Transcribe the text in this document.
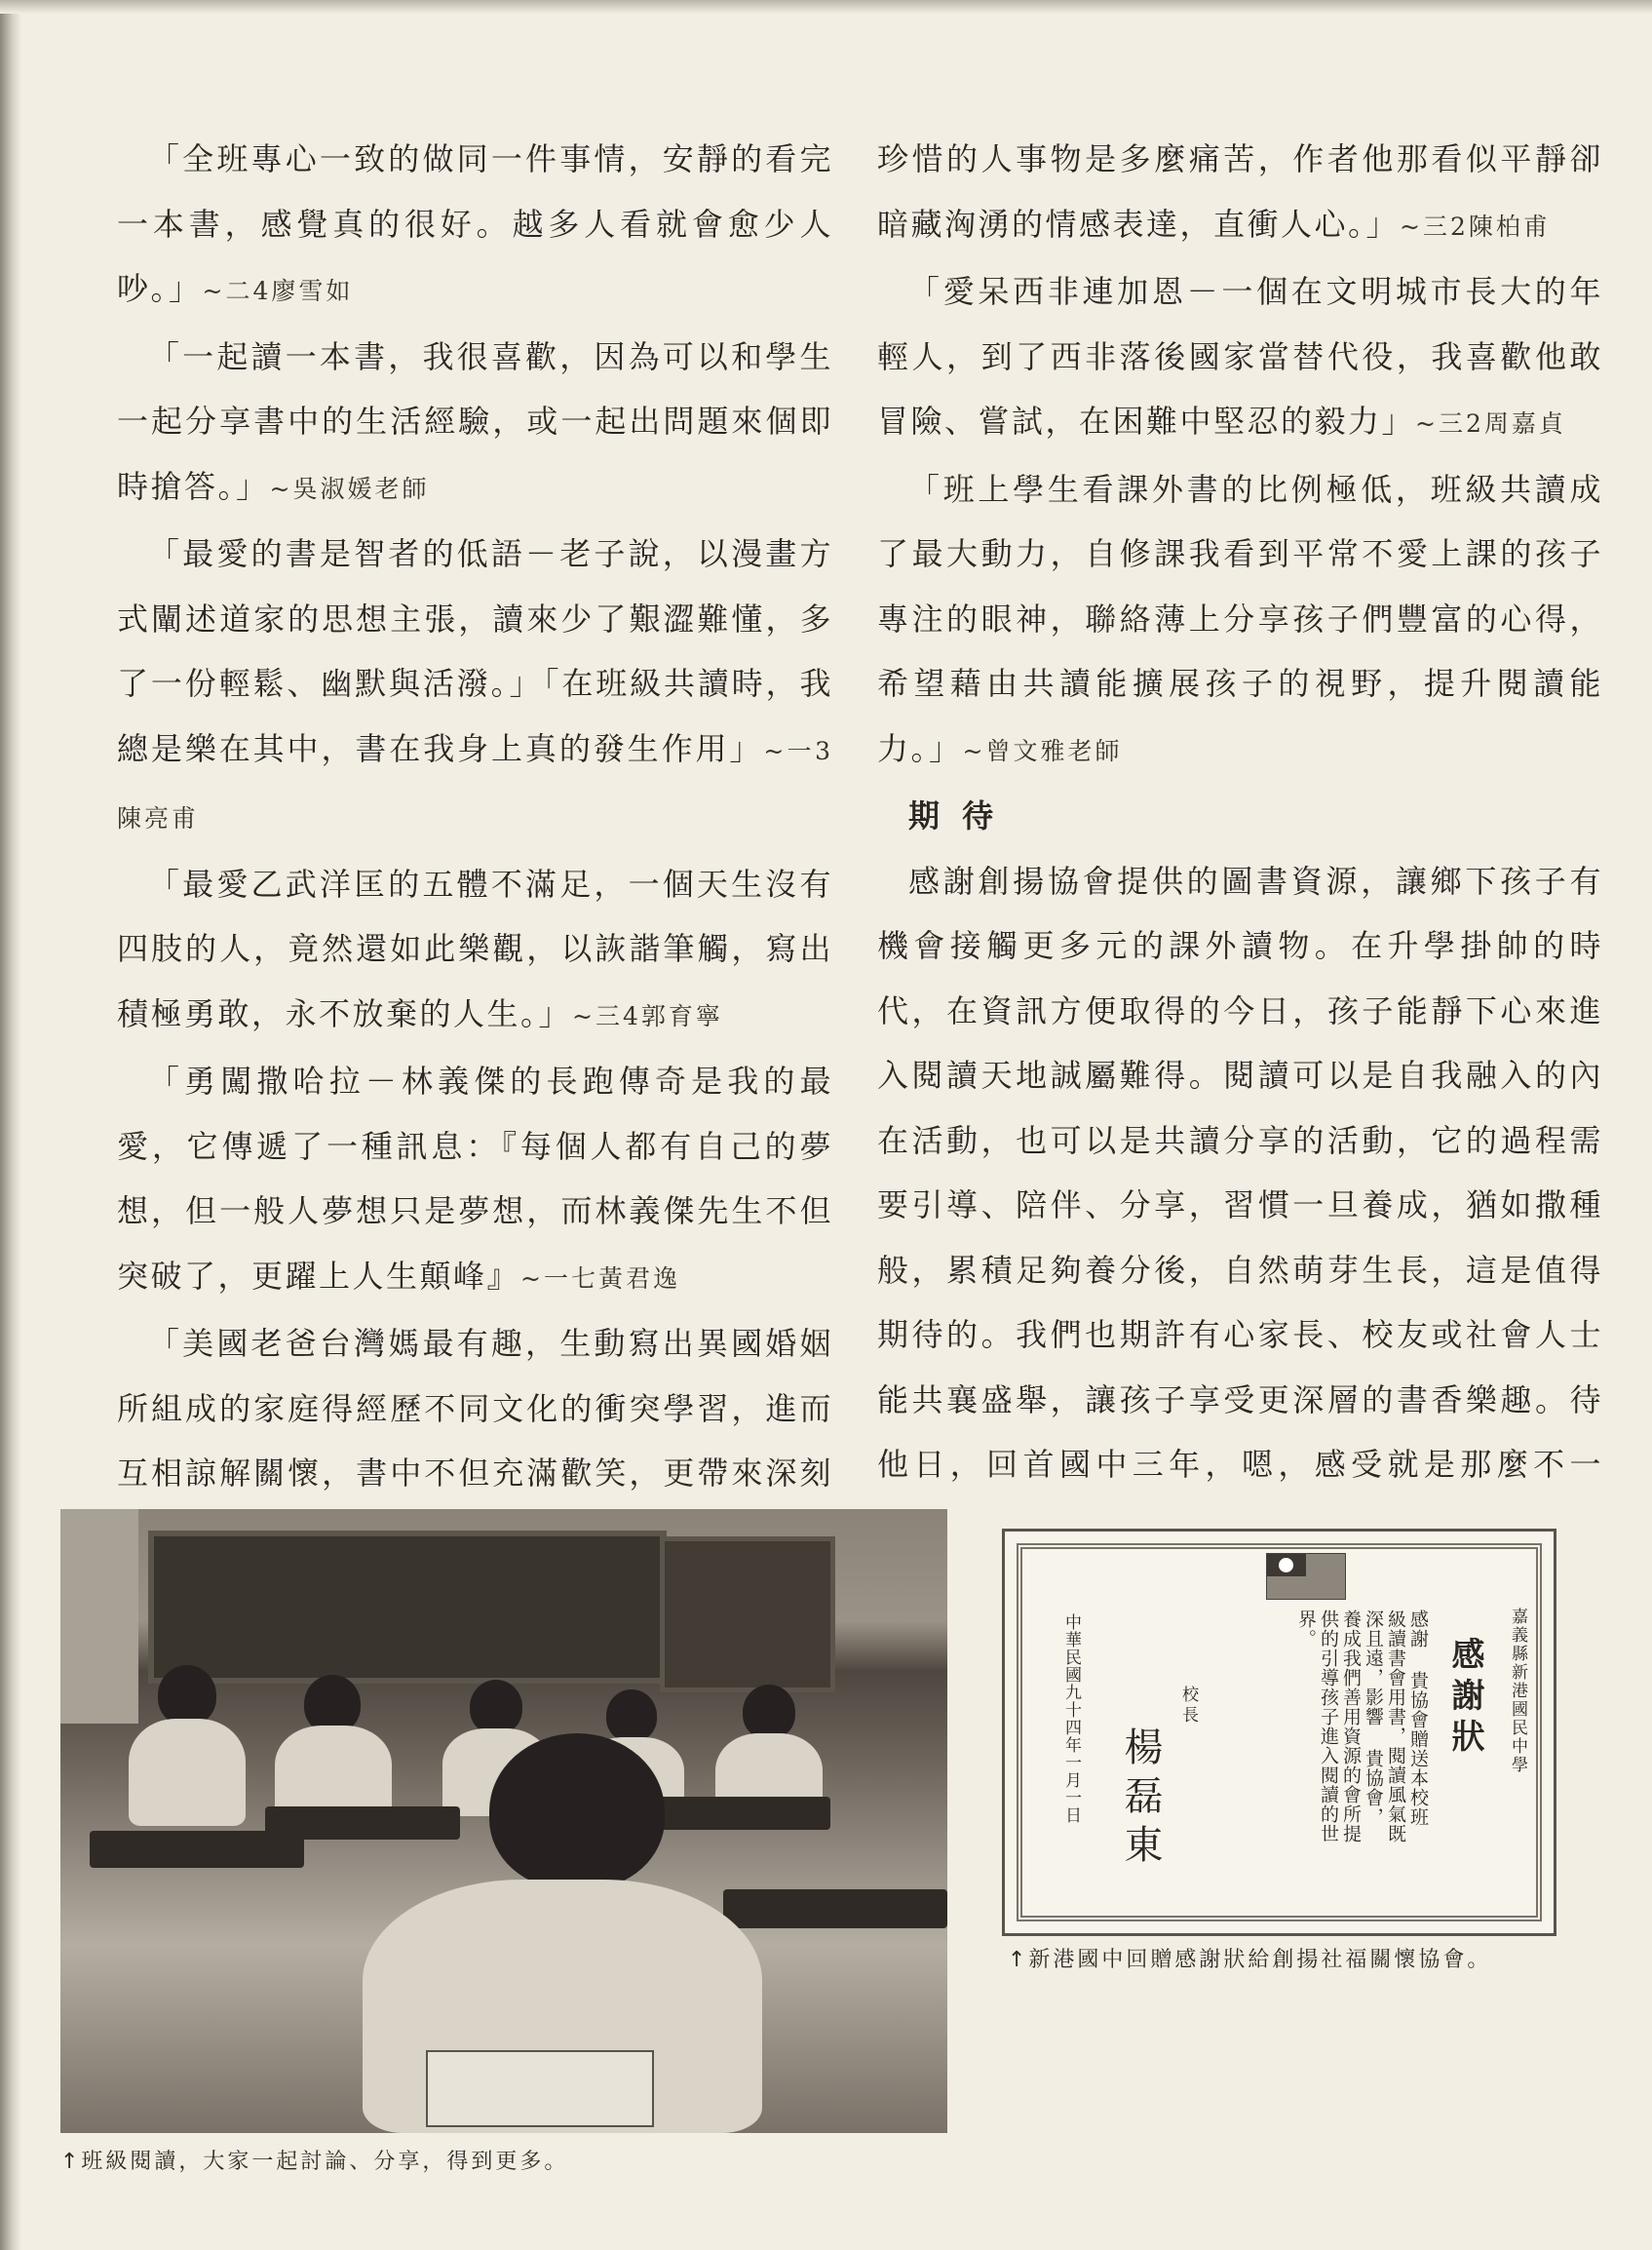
「全班專心一致的做同一件事情，安靜的看完一本書，感覺真的很好。越多人看就會愈少人吵。」~二4廖雪如

「一起讀一本書，我很喜歡，因為可以和學生一起分享書中的生活經驗，或一起出問題來個即時搶答。」~吳淑媛老師

「最愛的書是智者的低語－老子說，以漫畫方式闡述道家的思想主張，讀來少了艱澀難懂，多了一份輕鬆、幽默與活潑。」「在班級共讀時，我總是樂在其中，書在我身上真的發生作用」~一3陳亮甫

「最愛乙武洋匡的五體不滿足，一個天生沒有四肢的人，竟然還如此樂觀，以詼諧筆觸，寫出積極勇敢，永不放棄的人生。」~三4郭育寧

「勇闖撒哈拉－林義傑的長跑傳奇是我的最愛，它傳遞了一種訊息：『每個人都有自己的夢想，但一般人夢想只是夢想，而林義傑先生不但突破了，更躍上人生顛峰』~一七黃君逸

「美國老爸台灣媽最有趣，生動寫出異國婚姻所組成的家庭得經歷不同文化的衝突學習，進而互相諒解關懷，書中不但充滿歡笑，更帶來深刻

珍惜的人事物是多麼痛苦，作者他那看似平靜卻暗藏洶湧的情感表達，直衝人心。」~三2陳柏甫

「愛呆西非連加恩－一個在文明城市長大的年輕人，到了西非落後國家當替代役，我喜歡他敢冒險、嘗試，在困難中堅忍的毅力」~三2周嘉貞

「班上學生看課外書的比例極低，班級共讀成了最大動力，自修課我看到平常不愛上課的孩子專注的眼神，聯絡薄上分享孩子們豐富的心得，希望藉由共讀能擴展孩子的視野，提升閱讀能力。」~曾文雅老師

期 待

感謝創揚協會提供的圖書資源，讓鄉下孩子有機會接觸更多元的課外讀物。在升學掛帥的時代，在資訊方便取得的今日，孩子能靜下心來進入閱讀天地誠屬難得。閱讀可以是自我融入的內在活動，也可以是共讀分享的活動，它的過程需要引導、陪伴、分享，習慣一旦養成，猶如撒種般，累積足夠養分後，自然萌芽生長，這是值得期待的。我們也期許有心家長、校友或社會人士能共襄盛舉，讓孩子享受更深層的書香樂趣。待他日，回首國中三年，嗯，感受就是那麼不一

嘉義縣新港國民中學
感謝狀
感謝 貴協會贈送本校班級讀書會用書，閱讀風氣既深且遠，影響 貴協會，養成我們善用資源的會所提供的引導孩子進入閱讀的世界。
校長
楊磊東
中華民國九十四年一月一日
↑新港國中回贈感謝狀給創揚社福關懷協會。
↑班級閱讀，大家一起討論、分享，得到更多。
